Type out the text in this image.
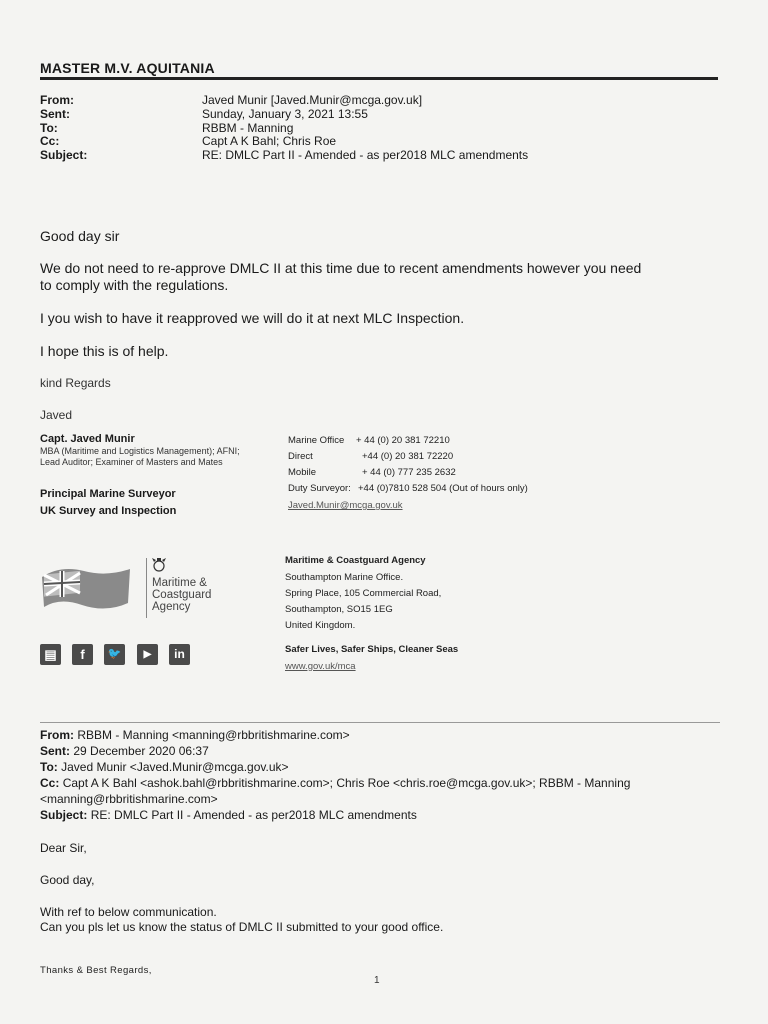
MASTER M.V. AQUITANIA
From:	Javed Munir [Javed.Munir@mcga.gov.uk]
Sent:	Sunday, January 3, 2021 13:55
To:	RBBM - Manning
Cc:	Capt A K Bahl; Chris Roe
Subject:	RE: DMLC Part II - Amended - as per2018 MLC amendments
Good day sir
We do not need to re-approve DMLC II at this time due to recent amendments however you need
to comply with the regulations.
I you wish to have it reapproved we will do it at next MLC Inspection.
I hope this is of help.
kind Regards
Javed
Capt. Javed Munir
MBA (Maritime and Logistics Management); AFNI;
Lead Auditor; Examiner of Masters and Mates
Principal Marine Surveyor
UK Survey and Inspection
Marine Office + 44 (0) 20 381 72210
Direct	+44 (0) 20 381 72220
Mobile	+ 44 (0) 777 235 2632
Duty Surveyor: +44 (0)7810 528 504 (Out of hours only)
Javed.Munir@mcga.gov.uk
Maritime &
Coastguard
Agency
Maritime & Coastguard Agency
Southampton Marine Office.
Spring Place, 105 Commercial Road,
Southampton, SO15 1EG
United Kingdom.
Safer Lives, Safer Ships, Cleaner Seas
www.gov.uk/mca
▤	f	🐦	▶	in
From: RBBM - Manning <manning@rbbritishmarine.com>
Sent: 29 December 2020 06:37
To: Javed Munir <Javed.Munir@mcga.gov.uk>
Cc: Capt A K Bahl <ashok.bahl@rbbritishmarine.com>; Chris Roe <chris.roe@mcga.gov.uk>; RBBM - Manning
<manning@rbbritishmarine.com>
Subject: RE: DMLC Part II - Amended - as per2018 MLC amendments
Dear Sir,
Good day,
With ref to below communication.
Can you pls let us know the status of DMLC II submitted to your good office.
Thanks & Best Regards,
1
